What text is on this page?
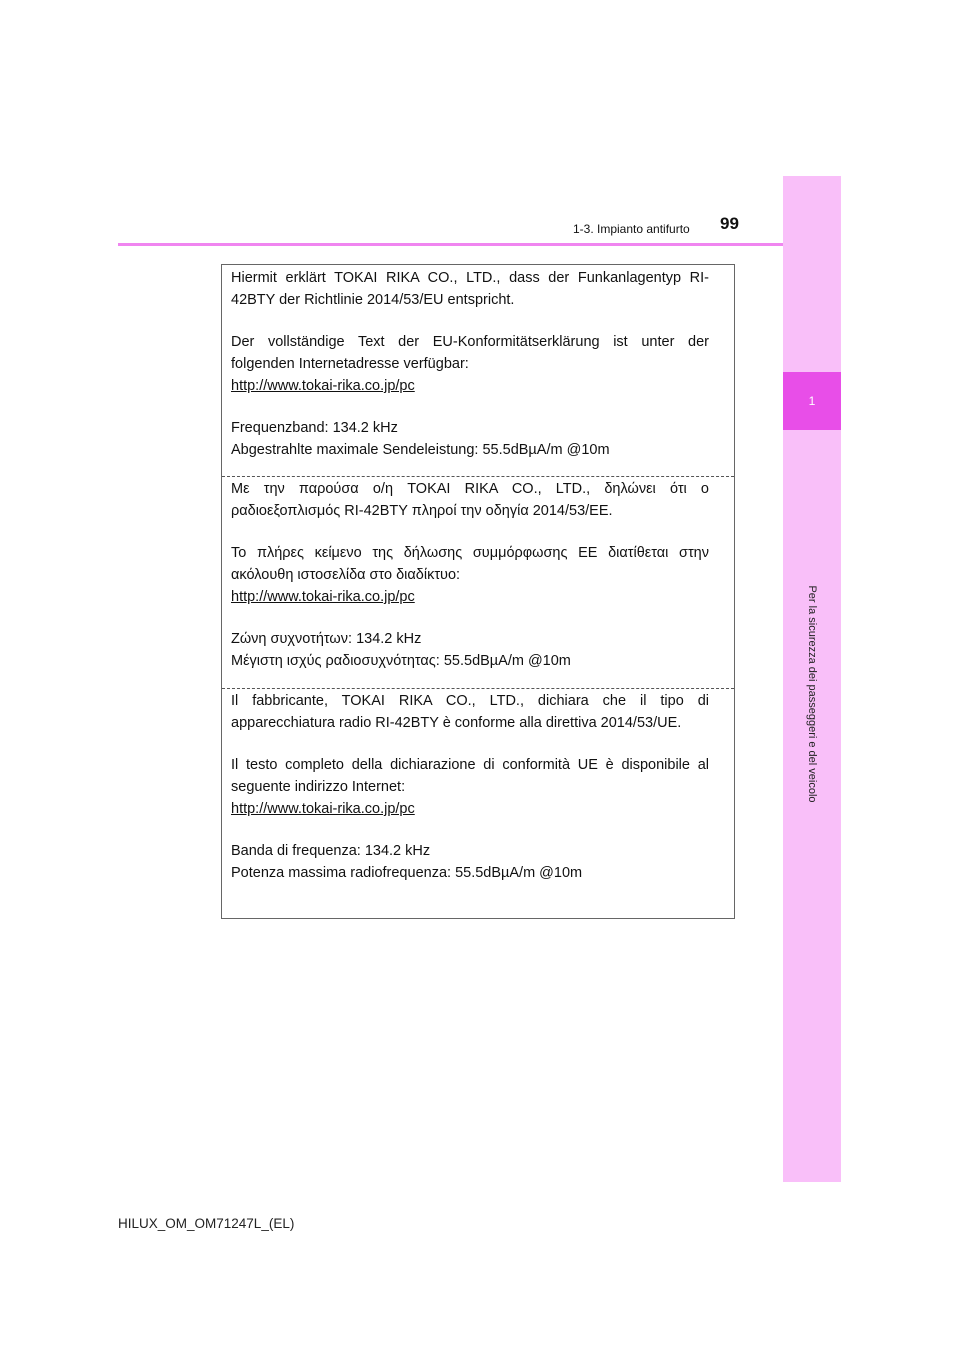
1
Per la sicurezza dei passeggeri e del veicolo
1-3. Impianto antifurto 99

Hiermit erklärt TOKAI RIKA CO., LTD., dass der Funkanlagentyp RI-42BTY der Richtlinie 2014/53/EU entspricht.

Der vollständige Text der EU-Konformitätserklärung ist unter der folgenden Internetadresse verfügbar:

http://www.tokai-rika.co.jp/pc

Frequenzband: 134.2 kHz

Abgestrahlte maximale Sendeleistung: 55.5dBµA/m @10m

Με την παρούσα ο/η TOKAI RIKA CO., LTD., δηλώνει ότι ο ραδιοεξοπλισμός RI-42BTY πληροί την οδηγία 2014/53/ΕΕ.

Το πλήρες κείμενο της δήλωσης συμμόρφωσης ΕΕ διατίθεται στην ακόλουθη ιστοσελίδα στο διαδίκτυο:

http://www.tokai-rika.co.jp/pc

Ζώνη συχνοτήτων: 134.2 kHz

Μέγιστη ισχύς ραδιοσυχνότητας: 55.5dBµA/m @10m

Il fabbricante, TOKAI RIKA CO., LTD., dichiara che il tipo di apparecchiatura radio RI-42BTY è conforme alla direttiva 2014/53/UE.

Il testo completo della dichiarazione di conformità UE è disponibile al seguente indirizzo Internet:

http://www.tokai-rika.co.jp/pc

Banda di frequenza: 134.2 kHz

Potenza massima radiofrequenza: 55.5dBµA/m @10m

HILUX_OM_OM71247L_(EL)
